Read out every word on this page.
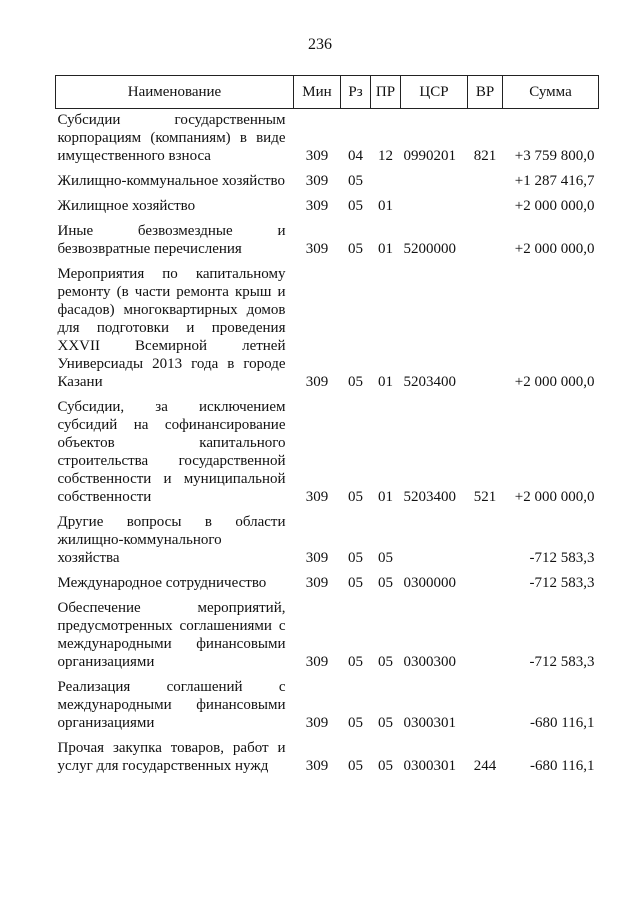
236
Наименование	Мин	Рз	ПР	ЦСР	ВР	Сумма
Субсидии государственным корпорациям (компаниям) в виде имущественного взноса	309	04	12	0990201	821	+3 759 800,0
Жилищно-коммунальное хозяйство	309	05				+1 287 416,7
Жилищное хозяйство	309	05	01			+2 000 000,0
Иные безвозмездные и безвозвратные перечисления	309	05	01	5200000		+2 000 000,0
Мероприятия по капитальному ремонту (в части ремонта крыш и фасадов) многоквартирных домов для подготовки и проведения XXVII Всемирной летней Универсиады 2013 года в городе Казани	309	05	01	5203400		+2 000 000,0
Субсидии, за исключением субсидий на софинансирование объектов капитального строительства государственной собственности и муниципальной собственности	309	05	01	5203400	521	+2 000 000,0
Другие вопросы в области жилищно-коммунального хозяйства	309	05	05			-712 583,3
Международное сотрудничество	309	05	05	0300000		-712 583,3
Обеспечение мероприятий, предусмотренных соглашениями с международными финансовыми организациями	309	05	05	0300300		-712 583,3
Реализация соглашений с международными финансовыми организациями	309	05	05	0300301		-680 116,1
Прочая закупка товаров, работ и услуг для государственных нужд	309	05	05	0300301	244	-680 116,1
